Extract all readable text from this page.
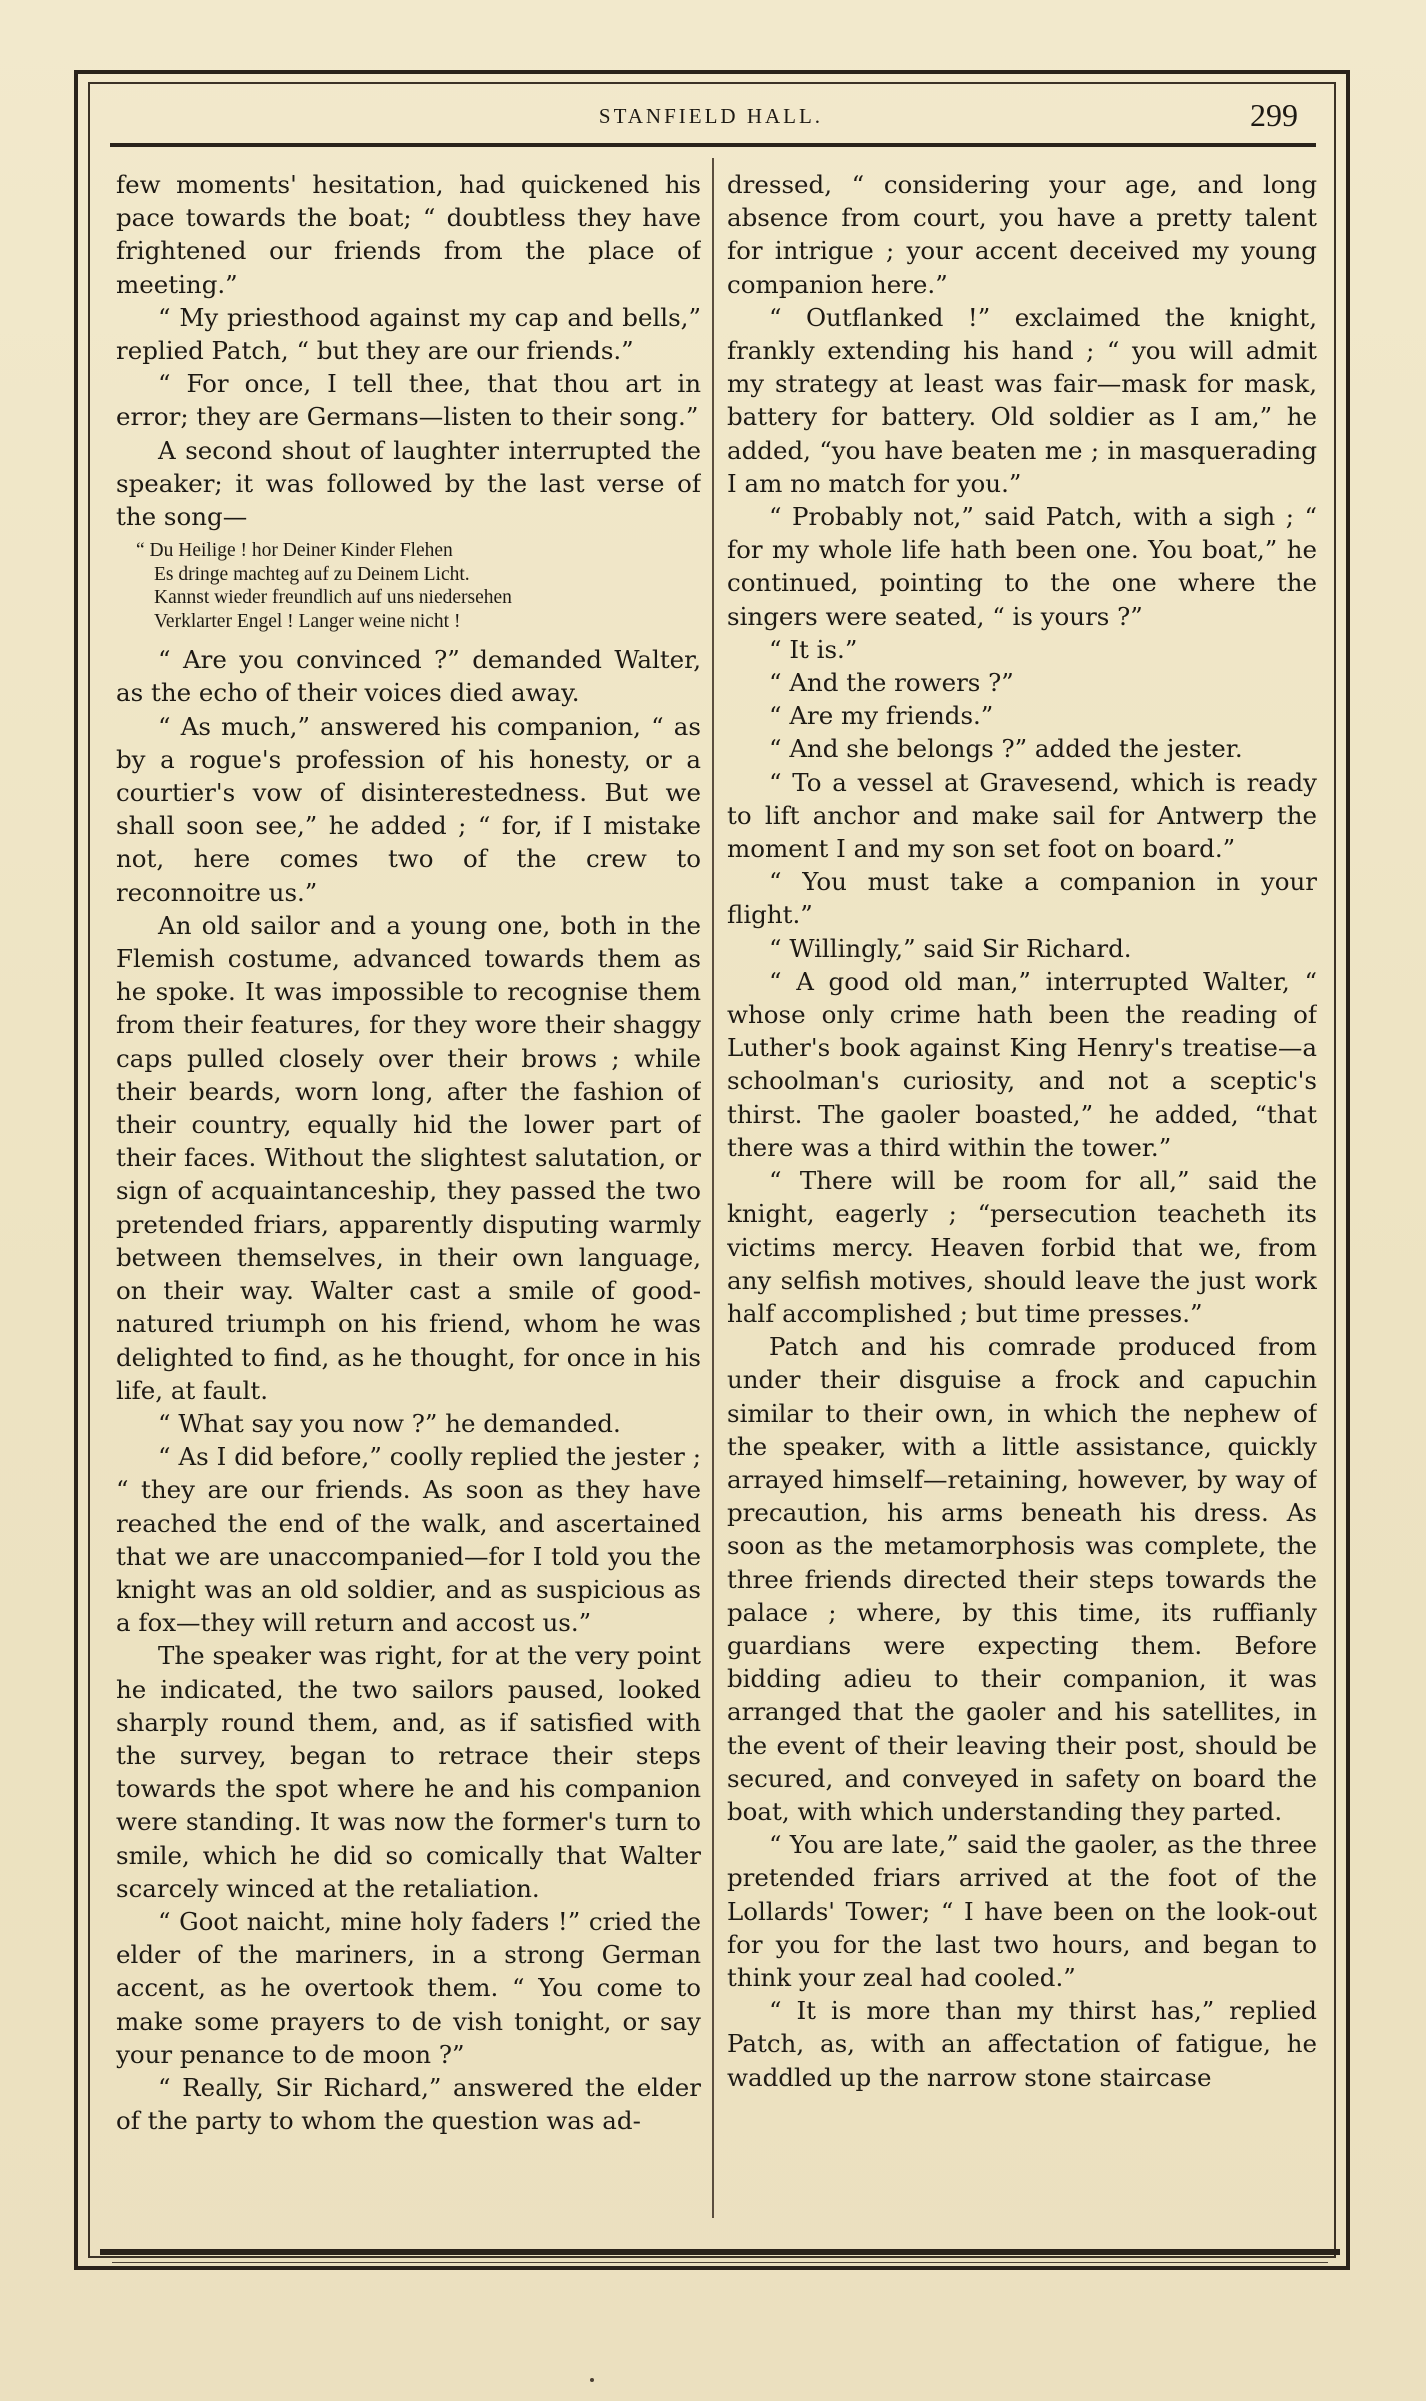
STANFIELD HALL.	299

few moments' hesitation, had quickened his pace towards the boat; “ doubtless they have frightened our friends from the place of meeting.”

“ My priesthood against my cap and bells,” replied Patch, “ but they are our friends.”

“ For once, I tell thee, that thou art in error; they are Germans—listen to their song.”

A second shout of laughter interrupted the speaker; it was followed by the last verse of the song—

“ Du Heilige ! hor Deiner Kinder Flehen
Es dringe machteg auf zu Deinem Licht.
Kannst wieder freundlich auf uns niedersehen
Verklarter Engel ! Langer weine nicht !

“ Are you convinced ?” demanded Walter, as the echo of their voices died away.

“ As much,” answered his companion, “ as by a rogue's profession of his honesty, or a courtier's vow of disinterestedness. But we shall soon see,” he added ; “ for, if I mistake not, here comes two of the crew to reconnoitre us.”

An old sailor and a young one, both in the Flemish costume, advanced towards them as he spoke. It was impossible to recognise them from their features, for they wore their shaggy caps pulled closely over their brows ; while their beards, worn long, after the fashion of their country, equally hid the lower part of their faces. Without the slightest salutation, or sign of acquaintanceship, they passed the two pretended friars, apparently disputing warmly between themselves, in their own language, on their way. Walter cast a smile of good-natured triumph on his friend, whom he was delighted to find, as he thought, for once in his life, at fault.

“ What say you now ?” he demanded.

“ As I did before,” coolly replied the jester ; “ they are our friends. As soon as they have reached the end of the walk, and ascertained that we are unaccompanied—for I told you the knight was an old soldier, and as suspicious as a fox—they will return and accost us.”

The speaker was right, for at the very point he indicated, the two sailors paused, looked sharply round them, and, as if satisfied with the survey, began to retrace their steps towards the spot where he and his companion were standing. It was now the former's turn to smile, which he did so comically that Walter scarcely winced at the retaliation.

“ Goot naicht, mine holy faders !” cried the elder of the mariners, in a strong German accent, as he overtook them. “ You come to make some prayers to de vish tonight, or say your penance to de moon ?”

“ Really, Sir Richard,” answered the elder of the party to whom the question was ad-

dressed, “ considering your age, and long absence from court, you have a pretty talent for intrigue ; your accent deceived my young companion here.”

“ Outflanked !” exclaimed the knight, frankly extending his hand ; “ you will admit my strategy at least was fair—mask for mask, battery for battery. Old soldier as I am,” he added, “you have beaten me ; in masquerading I am no match for you.”

“ Probably not,” said Patch, with a sigh ; “ for my whole life hath been one. You boat,” he continued, pointing to the one where the singers were seated, “ is yours ?”

“ It is.”

“ And the rowers ?”

“ Are my friends.”

“ And she belongs ?” added the jester.

“ To a vessel at Gravesend, which is ready to lift anchor and make sail for Antwerp the moment I and my son set foot on board.”

“ You must take a companion in your flight.”

“ Willingly,” said Sir Richard.

“ A good old man,” interrupted Walter, “ whose only crime hath been the reading of Luther's book against King Henry's treatise—a schoolman's curiosity, and not a sceptic's thirst. The gaoler boasted,” he added, “that there was a third within the tower.”

“ There will be room for all,” said the knight, eagerly ; “persecution teacheth its victims mercy. Heaven forbid that we, from any selfish motives, should leave the just work half accomplished ; but time presses.”

Patch and his comrade produced from under their disguise a frock and capuchin similar to their own, in which the nephew of the speaker, with a little assistance, quickly arrayed himself—retaining, however, by way of precaution, his arms beneath his dress. As soon as the metamorphosis was complete, the three friends directed their steps towards the palace ; where, by this time, its ruffianly guardians were expecting them. Before bidding adieu to their companion, it was arranged that the gaoler and his satellites, in the event of their leaving their post, should be secured, and conveyed in safety on board the boat, with which understanding they parted.

“ You are late,” said the gaoler, as the three pretended friars arrived at the foot of the Lollards' Tower; “ I have been on the look-out for you for the last two hours, and began to think your zeal had cooled.”

“ It is more than my thirst has,” replied Patch, as, with an affectation of fatigue, he waddled up the narrow stone staircase
